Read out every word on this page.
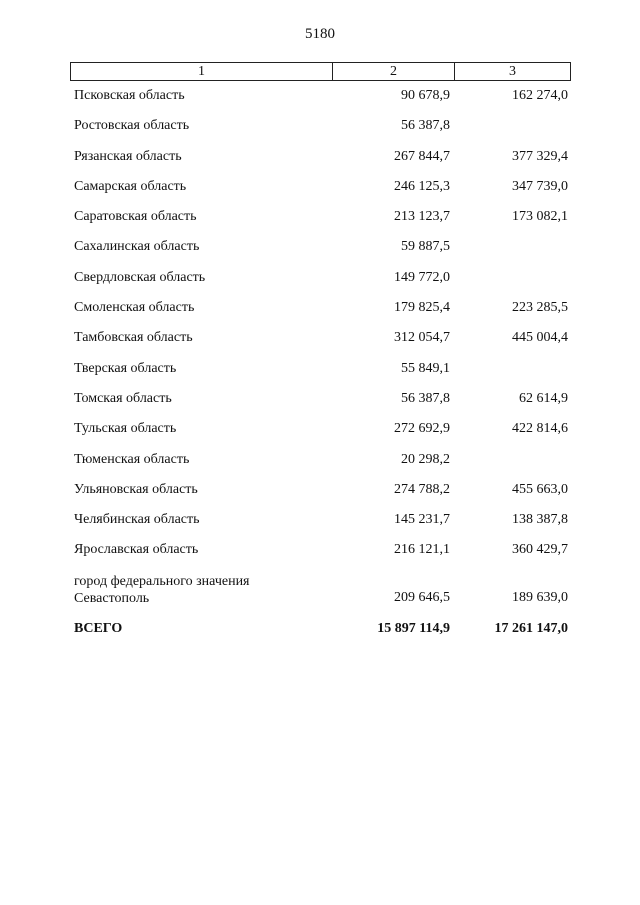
5180
1	2	3
Псковская область	90 678,9	162 274,0
Ростовская область	56 387,8
Рязанская область	267 844,7	377 329,4
Самарская область	246 125,3	347 739,0
Саратовская область	213 123,7	173 082,1
Сахалинская область	59 887,5
Свердловская область	149 772,0
Смоленская область	179 825,4	223 285,5
Тамбовская область	312 054,7	445 004,4
Тверская область	55 849,1
Томская область	56 387,8	62 614,9
Тульская область	272 692,9	422 814,6
Тюменская область	20 298,2
Ульяновская область	274 788,2	455 663,0
Челябинская область	145 231,7	138 387,8
Ярославская область	216 121,1	360 429,7
город федерального значения
Севастополь	209 646,5	189 639,0
ВСЕГО	15 897 114,9	17 261 147,0
